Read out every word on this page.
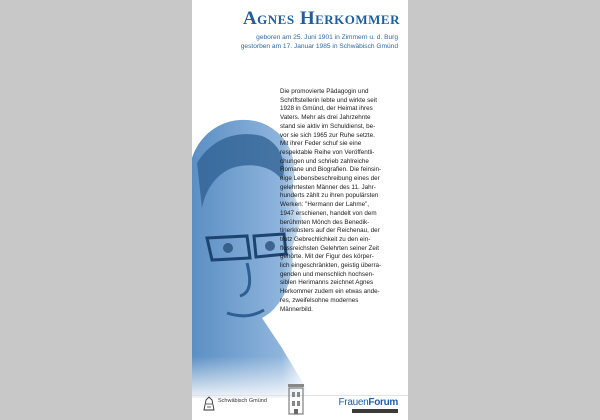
Agnes Herkommer
geboren am 25. Juni 1901 in Zimmern u. d. Burg
gestorben am 17. Januar 1985 in Schwäbisch Gmünd
Die promovierte Pädagogin und
Schriftstellerin lebte und wirkte seit
1928 in Gmünd, der Heimat ihres
Vaters. Mehr als drei Jahrzehnte
stand sie aktiv im Schuldienst, be-
vor sie sich 1965 zur Ruhe setzte.
Mit ihrer Feder schuf sie eine
respektable Reihe von Veröffentli-
chungen und schrieb zahlreiche
Romane und Biografien. Die feinsin-
nige Lebensbeschreibung eines der
gelehrtesten Männer des 11. Jahr-
hunderts zählt zu ihren populärsten
Werken: "Hermann der Lahme",
1947 erschienen, handelt von dem
berühmten Mönch des Benedik-
tinerklosters auf der Reichenau, der
trotz Gebrechlichkeit zu den ein-
flussreichsten Gelehrten seiner Zeit
gehörte. Mit der Figur des körper-
lich eingeschränkten, geistig überra-
genden und menschlich hochsen-
siblen Herimanns zeichnet Agnes
Herkommer zudem ein etwas ande-
res, zweifelsohne modernes
Männerbild.
Schwäbisch Gmünd	FrauenForum
